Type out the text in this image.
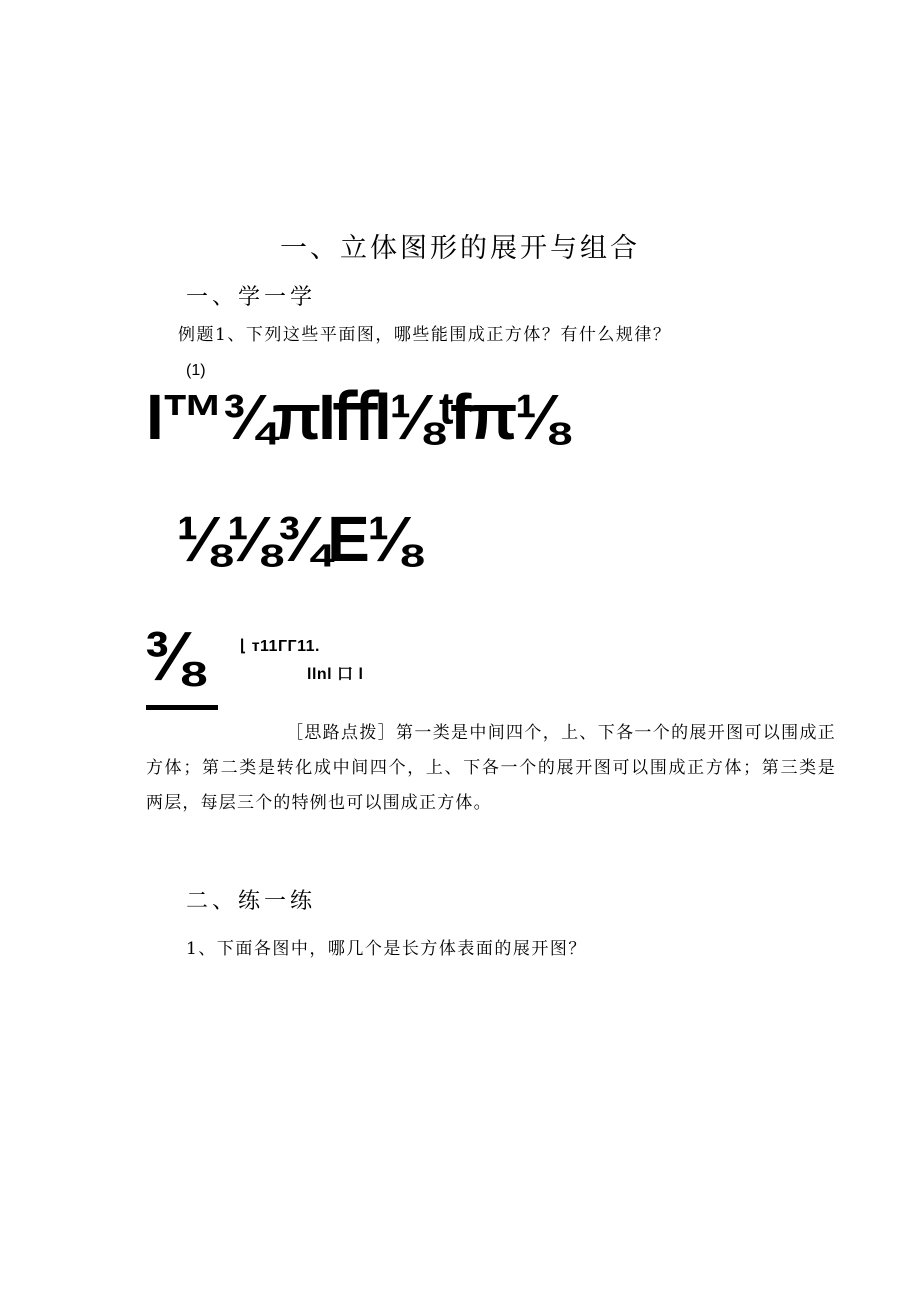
一、立体图形的展开与组合
一、学一学
例题1、下列这些平面图，哪些能围成正方体？有什么规律？
(1)
I™¾πIﬀl⅛ᵗfπ⅛
⅛⅛¾E⅛
⅜	⌊ т11ГГ11.
llnl 口 l
［思路点拨］第一类是中间四个，上、下各一个的展开图可以围成正方体；第二类是转化成中间四个，上、下各一个的展开图可以围成正方体；第三类是两层，每层三个的特例也可以围成正方体。
二、练一练
1、下面各图中，哪几个是长方体表面的展开图？
